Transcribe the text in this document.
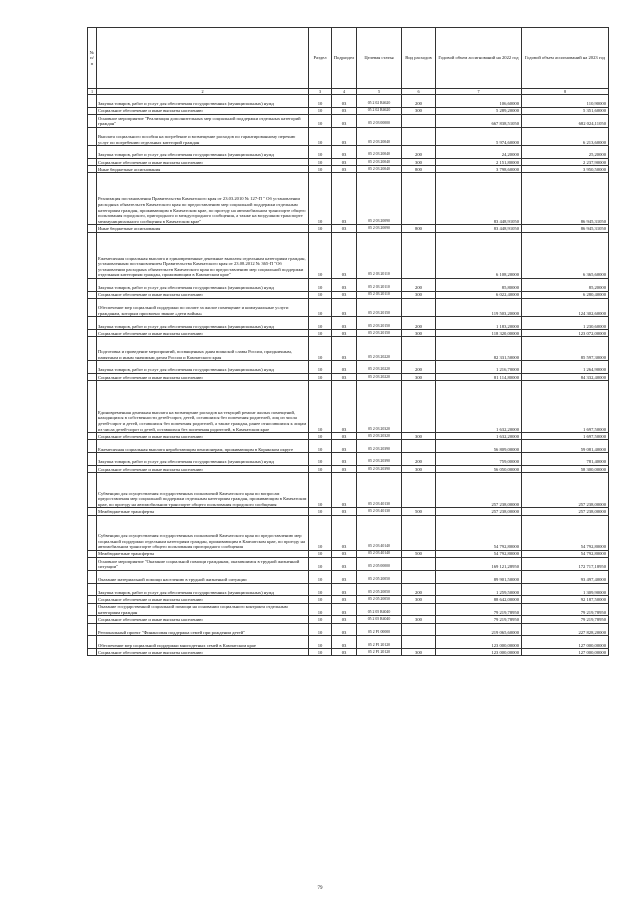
№ п/п		Раздел	Подраздел	Целевая статья	Вид расходов	Годовой объем ассигнований на 2022 год	Годовой объем ассигнований на 2023 год
1	2	3	4	5	6	7	8
	Закупка товаров, работ и услуг для обеспечения государственных (муниципальных) нужд	10	03	05 2 02 R4620	200	106,60000	110,90000
	Социальное обеспечение и иные выплаты населению	10	03	05 2 02 R4620	300	5 289,20000	5 351,60000
	Основное мероприятие "Реализация дополнительных мер социальной поддержки отдельных категорий граждан"	10	03	05 2 03 00000		667 838,51050	682 024,11050
	Выплата социального пособия на погребение и возмещение расходов по гарантированному перечню услуг по погребению отдельных категорий граждан	10	03	05 2 03 20040		5 974,60000	6 213,60000
	Закупка товаров, работ и услуг для обеспечения государственных (муниципальных) нужд	10	03	05 2 03 20040	200	24,20000	25,20000
	Социальное обеспечение и иные выплаты населению	10	03	05 2 03 20040	300	2 151,80000	2 237,90000
	Иные бюджетные ассигнования	10	03	05 2 03 20040	800	3 798,60000	3 950,50000
	Реализация постановления Правительства Камчатского края от 23.03.2010 № 127-П " Об установлении расходных обязательств Камчатского края по предоставлению мер социальной поддержки отдельным категориям граждан, проживающим в Камчатском крае, по проезду на автомобильном транспорте общего пользования городского, пригородного и междугородного сообщения, а также на воздушном транспорте межмуниципального сообщения в Камчатском крае"	10	03	05 2 03 20090		83 448,91050	86 945,31050
	Иные бюджетные ассигнования	10	03	05 2 03 20090	800	83 448,91050	86 945,31050
	Ежемесячная социальная выплата и единовременные денежные выплаты отдельным категориям граждан, установленным постановлением Правительства Камчатского края от 23.08.2012 № 365-П "Об установлении расходных обязательств Камчатского края по предоставлению мер социальной поддержки отдельным категориям граждан, проживающим в Камчатском крае"	10	03	05 2 03 20110		6 108,20000	6 365,60000
	Закупка товаров, работ и услуг для обеспечения государственных (муниципальных) нужд	10	03	05 2 03 20110	200	85,80000	85,20000
	Социальное обеспечение и иные выплаты населению	10	03	05 2 03 20110	300	6 022,40000	6 280,40000
	Обеспечение мер социальной поддержки по оплате за жилое помещение и коммунальные услуги гражданам, которым присвоено звание «дети войны»	10	03	05 2 03 20150		119 503,20000	124 302,60000
	Закупка товаров, работ и услуг для обеспечения государственных (муниципальных) нужд	10	03	05 2 03 20150	200	1 183,20000	1 230,60000
	Социальное обеспечение и иные выплаты населению	10	03	05 2 03 20150	300	118 320,00000	123 072,00000
	Подготовка и проведение мероприятий, посвященных дням воинской славы России, праздничным, памятным и иным значимым датам России и Камчатского края	10	03	05 2 03 20220		82 331,50000	85 597,30000
	Закупка товаров, работ и услуг для обеспечения государственных (муниципальных) нужд	10	03	05 2 03 20220	200	1 216,70000	1 264,90000
	Социальное обеспечение и иные выплаты населению	10	03	05 2 03 20220	300	81 114,80000	84 332,40000
	Единовременная денежная выплата на возмещение расходов на текущий ремонт жилых помещений, находящихся в собственности детей-сирот, детей, оставшихся без попечения родителей, лиц из числа детей-сирот и детей, оставшихся без попечения родителей, а также граждан, ранее относившихся к лицам из числа детей-сирот и детей, оставшихся без попечения родителей, в Камчатском крае	10	03	05 2 03 20320		1 632,20000	1 697,50000
	Социальное обеспечение и иные выплаты населению	10	03	05 2 03 20320	300	1 632,20000	1 697,50000
	Ежемесячная социальная выплата неработающим пенсионерам, проживающим в Корякском округе	10	03	05 2 03 20390		56 809,00000	59 081,40000
	Закупка товаров, работ и услуг для обеспечения государственных (муниципальных) нужд	10	03	05 2 03 20390	200	759,00000	781,40000
	Социальное обеспечение и иные выплаты населению	10	03	05 2 03 20390	300	56 050,00000	58 300,00000
	Субвенции для осуществления государственных полномочий Камчатского края по вопросам предоставления мер социальной поддержки отдельным категориям граждан, проживающим в Камчатском крае, по проезду на автомобильном транспорте общего пользования городского сообщения	10	03	05 2 03 40130		257 238,00000	257 238,00000
	Межбюджетные трансферты	10	03	05 2 03 40130	500	257 238,00000	257 238,00000
	Субвенции для осуществления государственных полномочий Камчатского края по предоставлению мер социальной поддержки отдельным категориям граждан, проживающим в Камчатском крае, по проезду на автомобильном транспорте общего пользования пригородного сообщения	10	03	05 2 03 40140		54 792,80000	54 792,80000
	Межбюджетные трансферты	10	03	05 2 03 40140	500	54 792,80000	54 792,80000
	Основное мероприятие "Оказание социальной помощи гражданам, оказавшимся в трудной жизненной ситуации"	10	03	05 2 05 00000		169 121,28950	172 717,18950
	Оказание материальной помощи населению в трудной жизненной ситуации	10	03	05 2 05 20050		89 901,50000	93 497,40000
	Закупка товаров, работ и услуг для обеспечения государственных (муниципальных) нужд	10	03	05 2 05 20050	200	1 259,50000	1 309,90000
	Социальное обеспечение и иные выплаты населению	10	03	05 2 05 20050	300	88 642,00000	92 187,50000
	Оказание государственной социальной помощи на основании социального контракта отдельным категориям граждан	10	03	05 2 05 R4040		79 219,78950	79 219,78950
	Социальное обеспечение и иные выплаты населению	10	03	05 2 05 R4040	300	79 219,78950	79 219,78950
	Региональный проект "Финансовая поддержка семей при рождении детей"	10	03	05 2 P1 00000		219 065,60000	227 828,20000
	Обеспечение мер социальной поддержки многодетных семей в Камчатском крае	10	03	05 2 P1 20120		123 000,00000	127 000,00000
	Социальное обеспечение и иные выплаты населению	10	03	05 2 P1 20120	300	123 000,00000	127 000,00000
79
